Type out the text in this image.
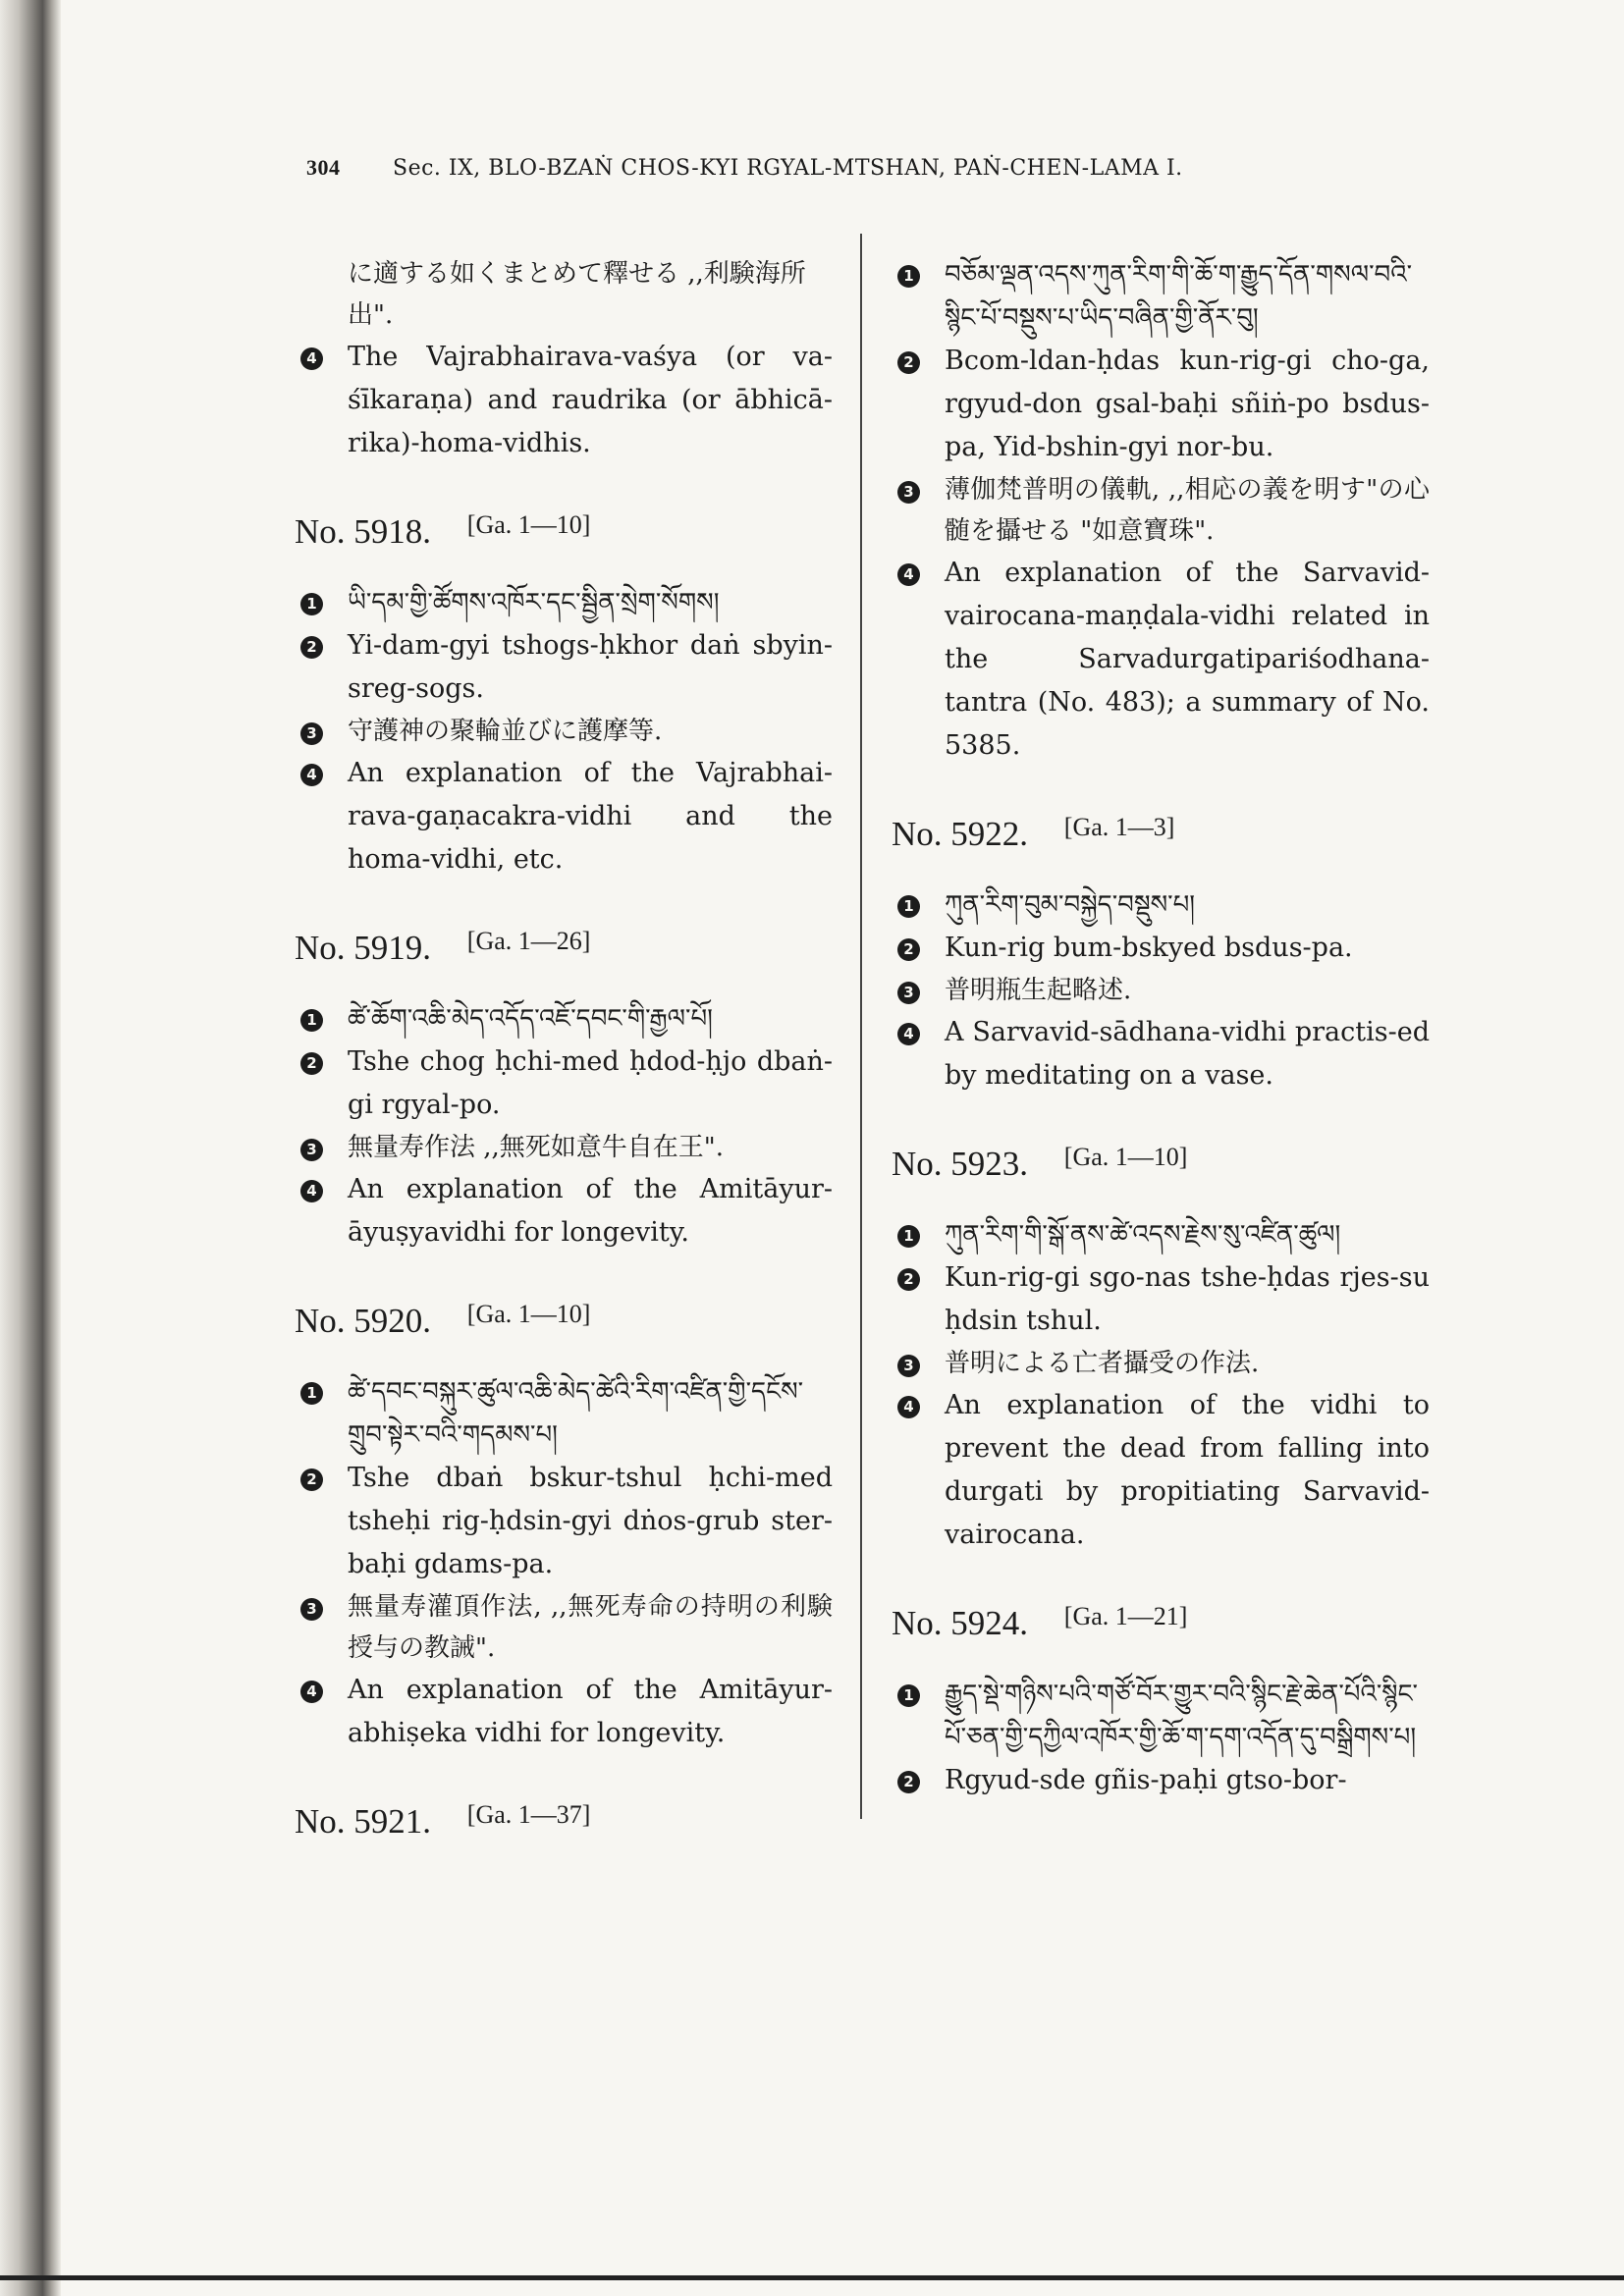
304 Sec. IX, BLO-BZAṄ CHOS-KYI RGYAL-MTSHAN, PAṄ-CHEN-LAMA I.
に適する如くまとめて釋せる ,,利験海所出".
4 The Vajrabhairava-vaśya (or va-śīkaraṇa) and raudrika (or ābhicā-rika)-homa-vidhis.
No. 5918. [Ga. 1—10]
1 ཡི་དམ་གྱི་ཚོགས་འཁོར་དང་སྦྱིན་སྲེག་སོགས།
2 Yi-dam-gyi tshogs-ḥkhor daṅ sbyin-sreg-sogs.
3 守護神の聚輪並びに護摩等.
4 An explanation of the Vajrabhai-rava-gaṇacakra-vidhi and the homa-vidhi, etc.
No. 5919. [Ga. 1—26]
1 ཚེ་ཆོག་འཆི་མེད་འདོད་འཇོ་དབང་གི་རྒྱལ་པོ།
2 Tshe chog ḥchi-med ḥdod-ḥjo dbaṅ-gi rgyal-po.
3 無量寿作法 ,,無死如意牛自在王".
4 An explanation of the Amitāyur-āyuṣyavidhi for longevity.
No. 5920. [Ga. 1—10]
1 ཚེ་དབང་བསྐུར་ཚུལ་འཆི་མེད་ཚེའི་རིག་འཛིན་གྱི་དངོས་གྲུབ་སྟེར་བའི་གདམས་པ།
2 Tshe dbaṅ bskur-tshul ḥchi-med tsheḥi rig-ḥdsin-gyi dṅos-grub ster-baḥi gdams-pa.
3 無量寿灌頂作法, ,,無死寿命の持明の利験授与の教誡".
4 An explanation of the Amitāyur-abhiṣeka vidhi for longevity.
No. 5921. [Ga. 1—37]
1 བཅོམ་ལྡན་འདས་ཀུན་རིག་གི་ཆོ་ག་རྒྱུད་དོན་གསལ་བའི་སྙིང་པོ་བསྡུས་པ་ཡིད་བཞིན་གྱི་ནོར་བུ།
2 Bcom-ldan-ḥdas kun-rig-gi cho-ga, rgyud-don gsal-baḥi sñiṅ-po bsdus-pa, Yid-bshin-gyi nor-bu.
3 薄伽梵普明の儀軌, ,,相応の義を明す"の心髄を攝せる "如意寶珠".
4 An explanation of the Sarvavid-vairocana-maṇḍala-vidhi related in the Sarvadurgatipariśodhana-tantra (No. 483); a summary of No. 5385.
No. 5922. [Ga. 1—3]
1 ཀུན་རིག་བུམ་བསྐྱེད་བསྡུས་པ།
2 Kun-rig bum-bskyed bsdus-pa.
3 普明瓶生起略述.
4 A Sarvavid-sādhana-vidhi practis-ed by meditating on a vase.
No. 5923. [Ga. 1—10]
1 ཀུན་རིག་གི་སྒོ་ནས་ཚེ་འདས་རྗེས་སུ་འཛིན་ཚུལ།
2 Kun-rig-gi sgo-nas tshe-ḥdas rjes-su ḥdsin tshul.
3 普明による亡者攝受の作法.
4 An explanation of the vidhi to prevent the dead from falling into durgati by propitiating Sarvavid-vairocana.
No. 5924. [Ga. 1—21]
1 རྒྱུད་སྡེ་གཉིས་པའི་གཙོ་བོར་གྱུར་བའི་སྙིང་རྗེ་ཆེན་པོའི་སྙིང་པོ་ཅན་གྱི་དཀྱིལ་འཁོར་གྱི་ཆོ་ག་དག་འདོན་དུ་བསྒྲིགས་པ།
2 Rgyud-sde gñis-paḥi gtso-bor-
